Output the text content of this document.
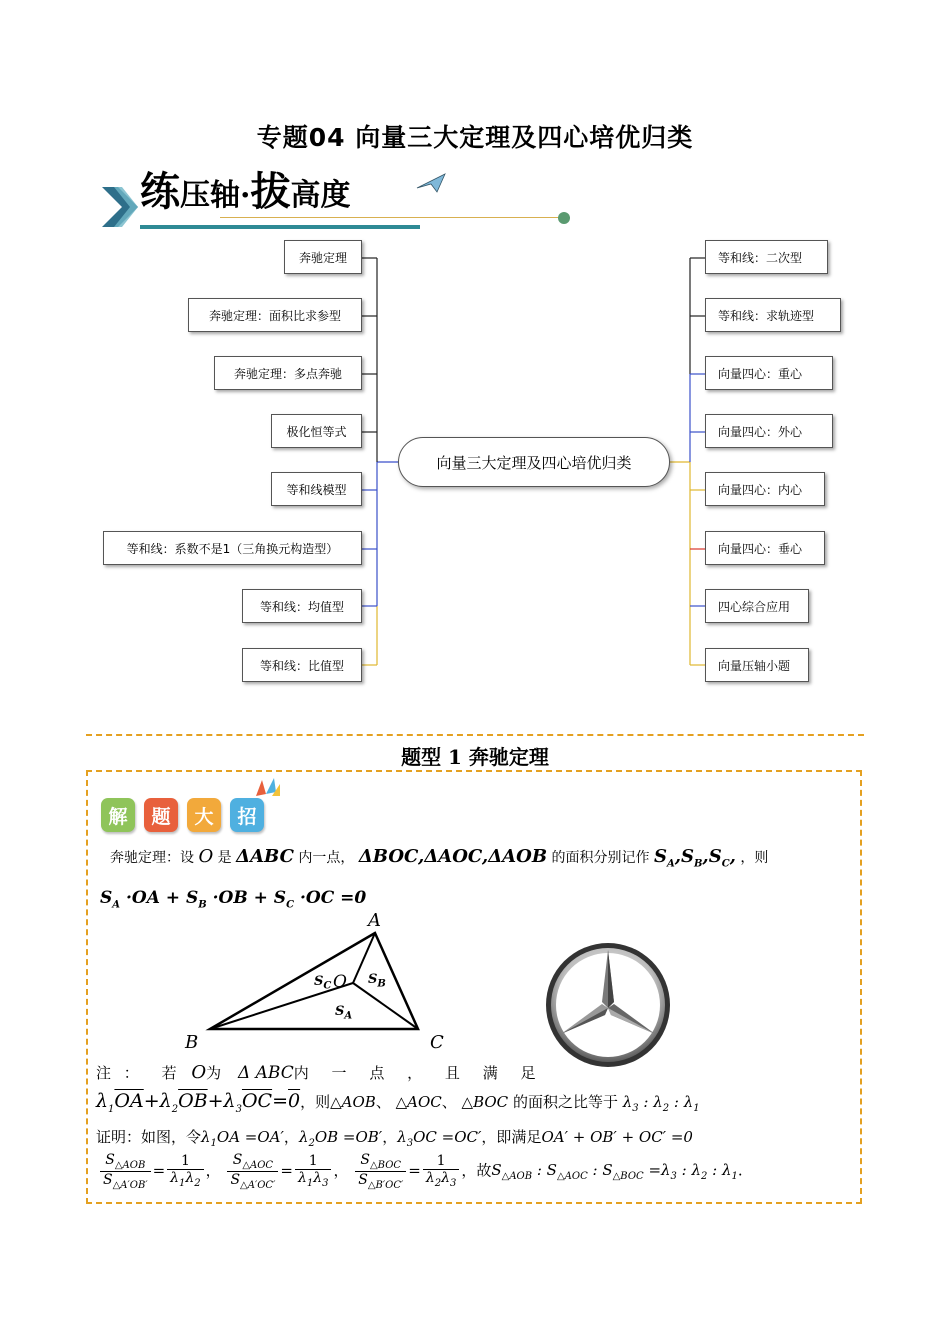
专题04 向量三大定理及四心培优归类
练压轴·拔高度
奔驰定理
奔驰定理：面积比求参型
奔驰定理：多点奔驰
极化恒等式
等和线模型
等和线：系数不是1（三角换元构造型）
等和线：均值型
等和线：比值型
向量三大定理及四心培优归类
等和线：二次型
等和线：求轨迹型
向量四心：重心
向量四心：外心
向量四心：内心
向量四心：垂心
四心综合应用
向量压轴小题
题型 1 奔驰定理
解	题	大	招
奔驰定理：设 O 是 ΔABC 内一点， ΔBOC,ΔAOC,ΔAOB 的面积分别记作 $S_A,S_B,S_C$, ，则
$S_A \cdot OA + S_B \cdot OB + S_C \cdot OC =0$
A
B	C
O
$S_C$	$S_B$
$S_A$
注 ： 若 O为 Δ ABC内 一 点 ， 且 满 足
$\lambda_1\overline{OA}+\lambda_2\overline{OB}+\lambda_3\overline{OC}=0$，则△AOB、 △AOC、 △BOC 的面积之比等于 $\lambda_3$ : $\lambda_2$ : $\lambda_1$
证明：如图，令$\lambda_1OA =OA'$，$\lambda_2OB =OB'$，$\lambda_3OC =OC'$，即满足OA′ + OB′ + OC′ =0
$\frac{S_{\triangle AOB}}{S_{\triangle A'OB'}} = \frac{1}{\lambda_1\lambda_2}$ ， $\frac{S_{\triangle AOC}}{S_{\triangle A'OC'}} = \frac{1}{\lambda_1\lambda_3}$ ， $\frac{S_{\triangle BOC}}{S_{\triangle B'OC'}} = \frac{1}{\lambda_2\lambda_3}$ ，故$S_{\triangle AOB}$ : $S_{\triangle AOC}$ : $S_{\triangle BOC} =\lambda_3$ : $\lambda_2$ : $\lambda_1$.
